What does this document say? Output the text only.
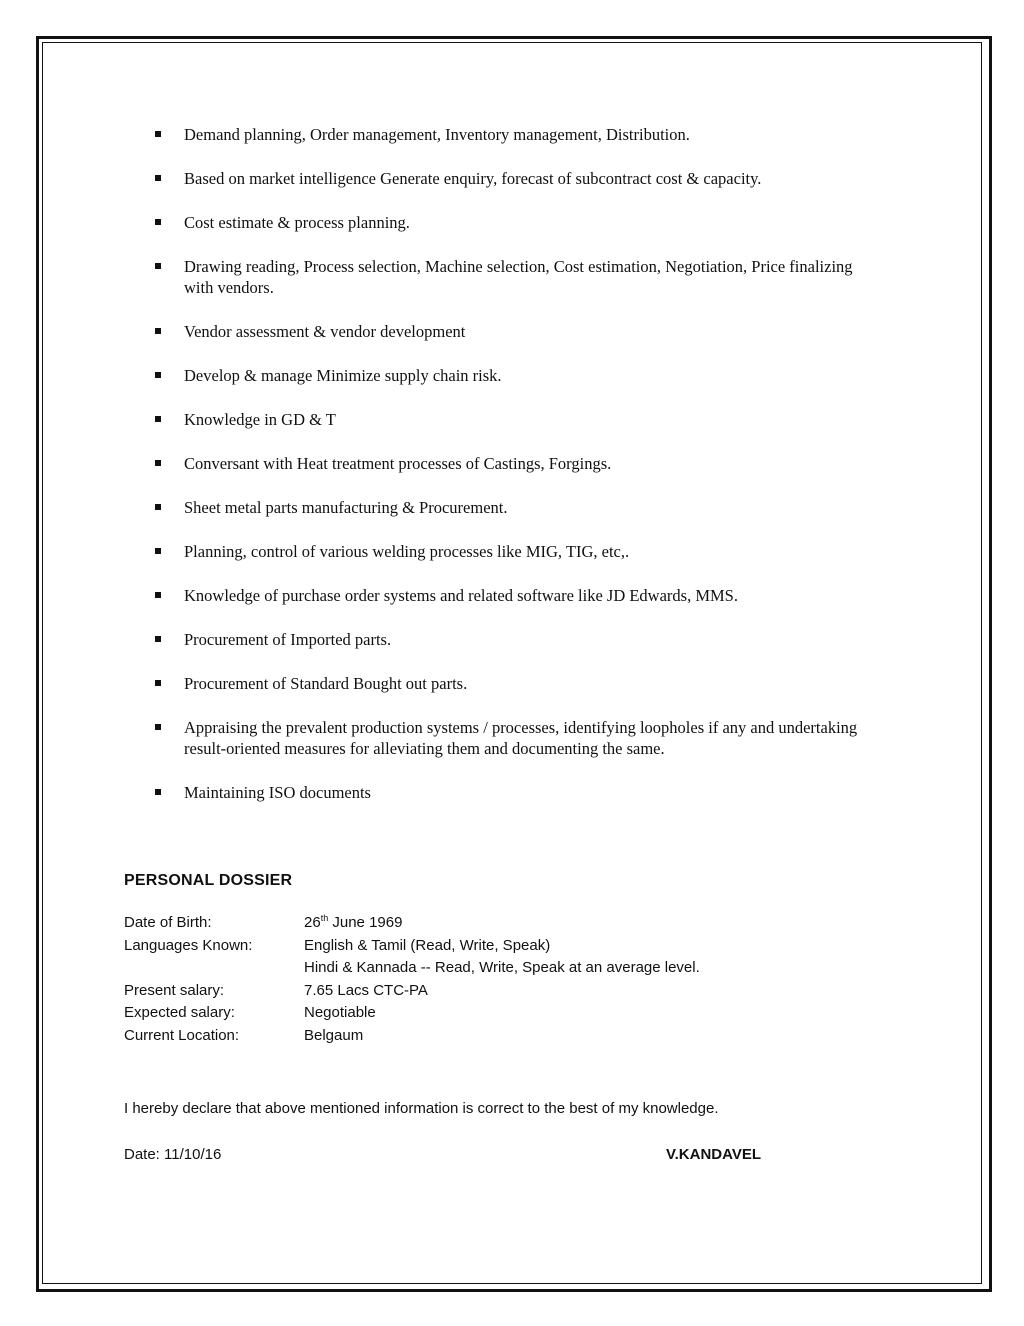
Demand planning, Order management, Inventory management, Distribution.
Based on market intelligence Generate enquiry, forecast of subcontract cost & capacity.
Cost estimate & process planning.
Drawing reading, Process selection, Machine selection, Cost estimation, Negotiation, Price finalizing with vendors.
Vendor assessment & vendor development
Develop & manage Minimize supply chain risk.
Knowledge in GD & T
Conversant with Heat treatment processes of Castings, Forgings.
Sheet metal parts manufacturing & Procurement.
Planning, control of various welding processes like MIG, TIG, etc,.
Knowledge of purchase order systems and related software like JD Edwards, MMS.
Procurement of Imported parts.
Procurement of Standard Bought out parts.
Appraising the prevalent production systems / processes, identifying loopholes if any and undertaking result-oriented measures for alleviating them and documenting the same.
Maintaining ISO documents
PERSONAL DOSSIER
Date of Birth:	26th June 1969
Languages Known:	English & Tamil (Read, Write, Speak)
Hindi & Kannada -- Read, Write, Speak at an average level.
Present salary:	7.65 Lacs CTC-PA
Expected salary:	Negotiable
Current Location:	Belgaum
I hereby declare that above mentioned information is correct to the best of my knowledge.
Date: 11/10/16	V.KANDAVEL
